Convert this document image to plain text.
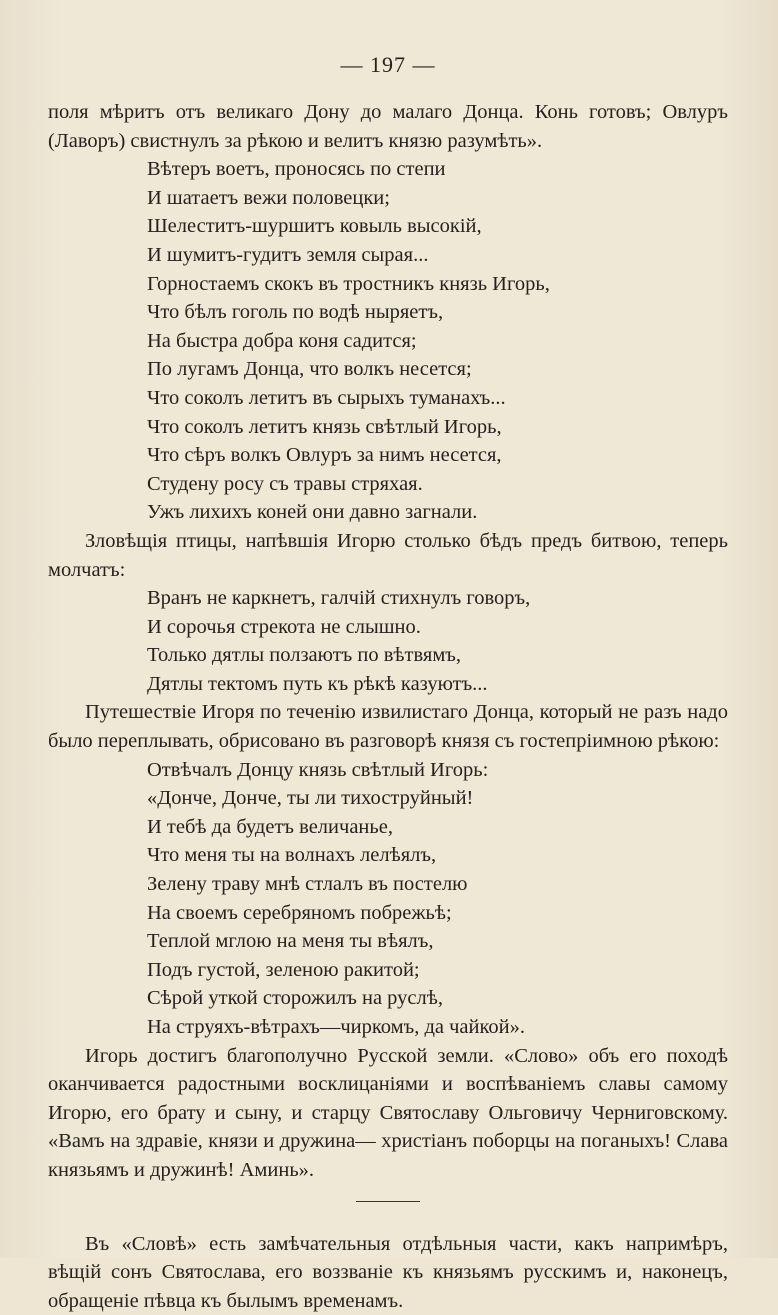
— 197 —

поля мѣритъ отъ великаго Дону до малаго Донца. Конь готовъ; Овлуръ (Лаворъ) свистнулъ за рѣкою и велитъ князю разумѣть».

Вѣтеръ воетъ, проносясь по степи
И шатаетъ вежи половецки;
Шелеститъ-шуршитъ ковыль высокій,
И шумитъ-гудитъ земля сырая...
Горностаемъ скокъ въ тростникъ князь Игорь,
Что бѣлъ гоголь по водѣ ныряетъ,
На быстра добра коня садится;
По лугамъ Донца, что волкъ несется;
Что соколъ летитъ въ сырыхъ туманахъ...
Что соколъ летитъ князь свѣтлый Игорь,
Что сѣръ волкъ Овлуръ за нимъ несется,
Студену росу съ травы стряхая.
Ужъ лихихъ коней они давно загнали.

Зловѣщія птицы, напѣвшія Игорю столько бѣдъ предъ битвою, теперь молчатъ:

Вранъ не каркнетъ, галчій стихнулъ говоръ,
И сорочья стрекота не слышно.
Только дятлы ползаютъ по вѣтвямъ,
Дятлы тектомъ путь къ рѣкѣ казуютъ...

Путешествіе Игоря по теченію извилистаго Донца, который не разъ надо было переплывать, обрисовано въ разговорѣ князя съ гостепріимною рѣкою:

Отвѣчалъ Донцу князь свѣтлый Игорь:
«Донче, Донче, ты ли тихоструйный!
И тебѣ да будетъ величанье,
Что меня ты на волнахъ лелѣялъ,
Зелену траву мнѣ стлалъ въ постелю
На своемъ серебряномъ побрежьѣ;
Теплой мглою на меня ты вѣялъ,
Подъ густой, зеленою ракитой;
Сѣрой уткой сторожилъ на руслѣ,
На струяхъ-вѣтрахъ—чиркомъ, да чайкой».

Игорь достигъ благополучно Русской земли. «Слово» объ его походѣ оканчивается радостными восклицаніями и воспѣваніемъ славы самому Игорю, его брату и сыну, и старцу Святославу Ольговичу Черниговскому. «Вамъ на здравіе, князи и дружина— христіанъ поборцы на поганыхъ! Слава князьямъ и дружинѣ! Аминь».

Въ «Словѣ» есть замѣчательныя отдѣльныя части, какъ напримѣръ, вѣщій сонъ Святослава, его воззваніе къ князьямъ русскимъ и, наконецъ, обращеніе пѣвца къ былымъ временамъ.
